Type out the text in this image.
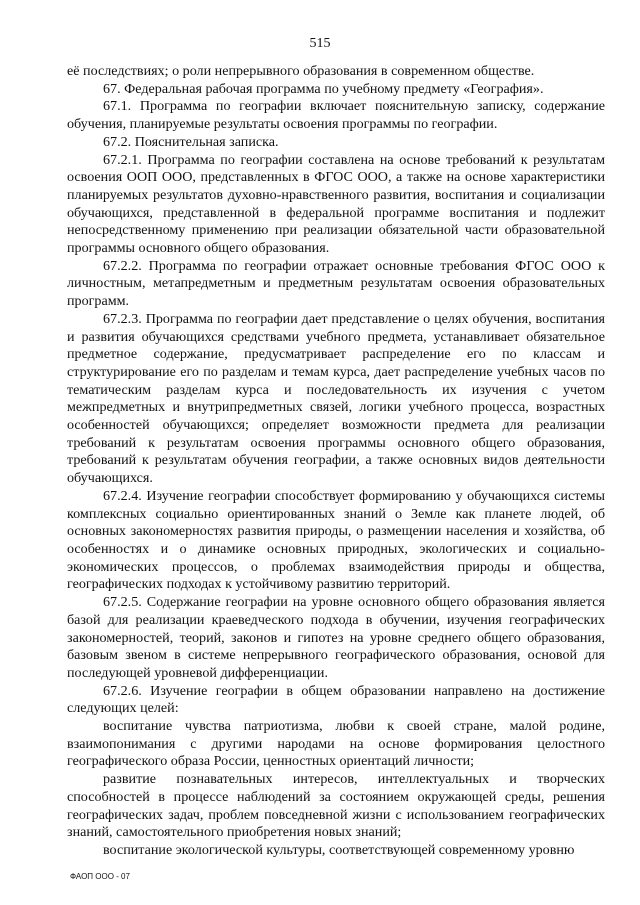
515

её последствиях; о роли непрерывного образования в современном обществе.

67. Федеральная рабочая программа по учебному предмету «География».

67.1. Программа по географии включает пояснительную записку, содержание обучения, планируемые результаты освоения программы по географии.

67.2. Пояснительная записка.

67.2.1. Программа по географии составлена на основе требований к результатам освоения ООП ООО, представленных в ФГОС ООО, а также на основе характеристики планируемых результатов духовно-нравственного развития, воспитания и социализации обучающихся, представленной в федеральной программе воспитания и подлежит непосредственному применению при реализации обязательной части образовательной программы основного общего образования.

67.2.2. Программа по географии отражает основные требования ФГОС ООО к личностным, метапредметным и предметным результатам освоения образовательных программ.

67.2.3. Программа по географии дает представление о целях обучения, воспитания и развития обучающихся средствами учебного предмета, устанавливает обязательное предметное содержание, предусматривает распределение его по классам и структурирование его по разделам и темам курса, дает распределение учебных часов по тематическим разделам курса и последовательность их изучения с учетом межпредметных и внутрипредметных связей, логики учебного процесса, возрастных особенностей обучающихся; определяет возможности предмета для реализации требований к результатам освоения программы основного общего образования, требований к результатам обучения географии, а также основных видов деятельности обучающихся.

67.2.4. Изучение географии способствует формированию у обучающихся системы комплексных социально ориентированных знаний о Земле как планете людей, об основных закономерностях развития природы, о размещении населения и хозяйства, об особенностях и о динамике основных природных, экологических и социально-экономических процессов, о проблемах взаимодействия природы и общества, географических подходах к устойчивому развитию территорий.

67.2.5. Содержание географии на уровне основного общего образования является базой для реализации краеведческого подхода в обучении, изучения географических закономерностей, теорий, законов и гипотез на уровне среднего общего образования, базовым звеном в системе непрерывного географического образования, основой для последующей уровневой дифференциации.

67.2.6. Изучение географии в общем образовании направлено на достижение следующих целей:

воспитание чувства патриотизма, любви к своей стране, малой родине, взаимопонимания с другими народами на основе формирования целостного географического образа России, ценностных ориентаций личности;

развитие познавательных интересов, интеллектуальных и творческих способностей в процессе наблюдений за состоянием окружающей среды, решения географических задач, проблем повседневной жизни с использованием географических знаний, самостоятельного приобретения новых знаний;

воспитание экологической культуры, соответствующей современному уровню

ФАОП ООО - 07
